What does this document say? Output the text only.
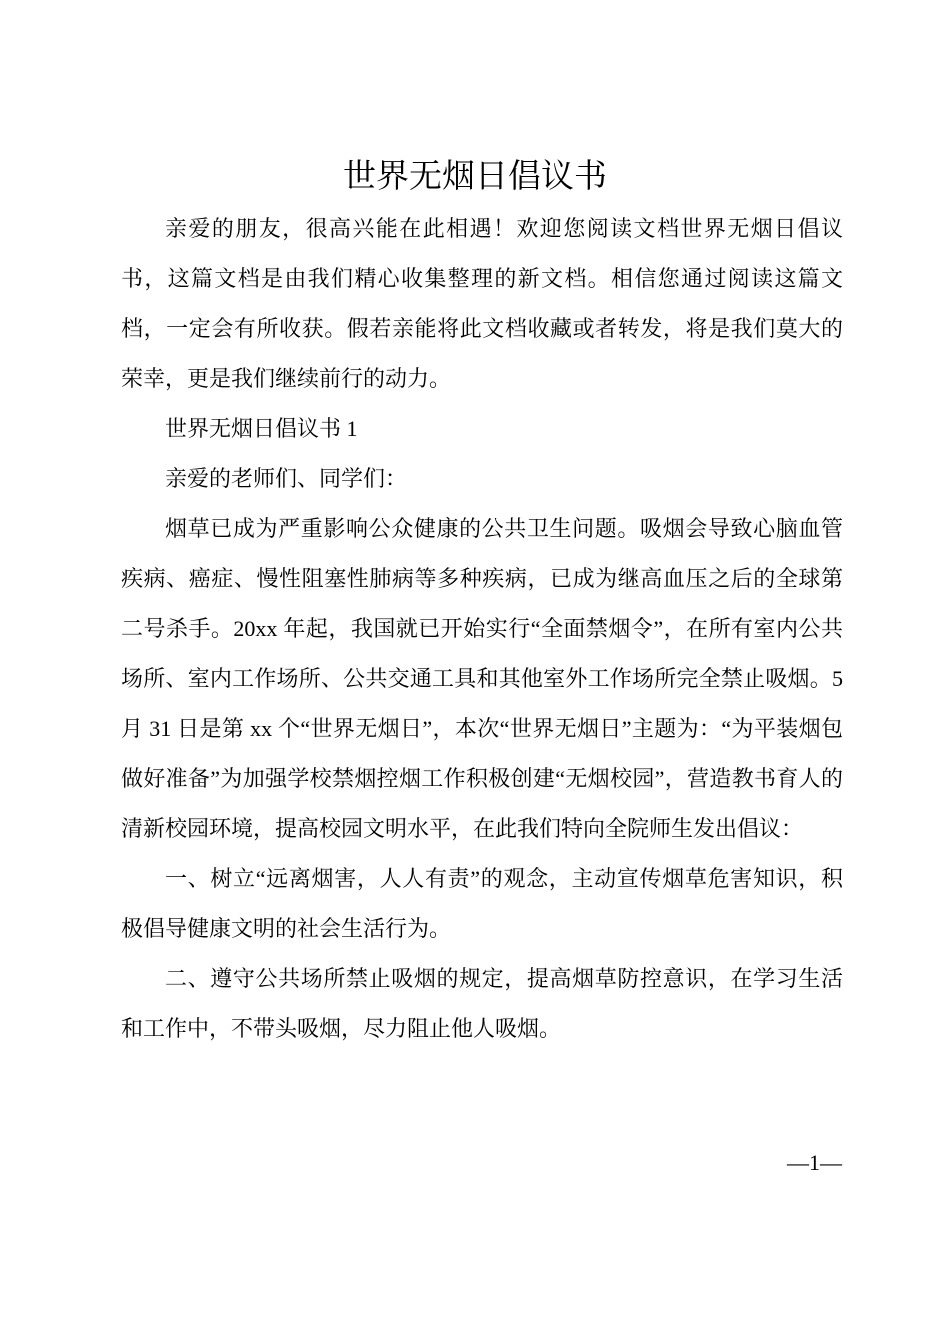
世界无烟日倡议书

亲爱的朋友，很高兴能在此相遇！欢迎您阅读文档世界无烟日倡议书，这篇文档是由我们精心收集整理的新文档。相信您通过阅读这篇文档，一定会有所收获。假若亲能将此文档收藏或者转发，将是我们莫大的荣幸，更是我们继续前行的动力。

世界无烟日倡议书 1

亲爱的老师们、同学们：

烟草已成为严重影响公众健康的公共卫生问题。吸烟会导致心脑血管疾病、癌症、慢性阻塞性肺病等多种疾病，已成为继高血压之后的全球第二号杀手。20xx 年起，我国就已开始实行“全面禁烟令”，在所有室内公共场所、室内工作场所、公共交通工具和其他室外工作场所完全禁止吸烟。5 月 31 日是第 xx 个“世界无烟日”，本次“世界无烟日”主题为：“为平装烟包做好准备”为加强学校禁烟控烟工作积极创建“无烟校园”，营造教书育人的清新校园环境，提高校园文明水平，在此我们特向全院师生发出倡议：

一、树立“远离烟害，人人有责”的观念，主动宣传烟草危害知识，积极倡导健康文明的社会生活行为。

二、遵守公共场所禁止吸烟的规定，提高烟草防控意识，在学习生活和工作中，不带头吸烟，尽力阻止他人吸烟。

—1—
